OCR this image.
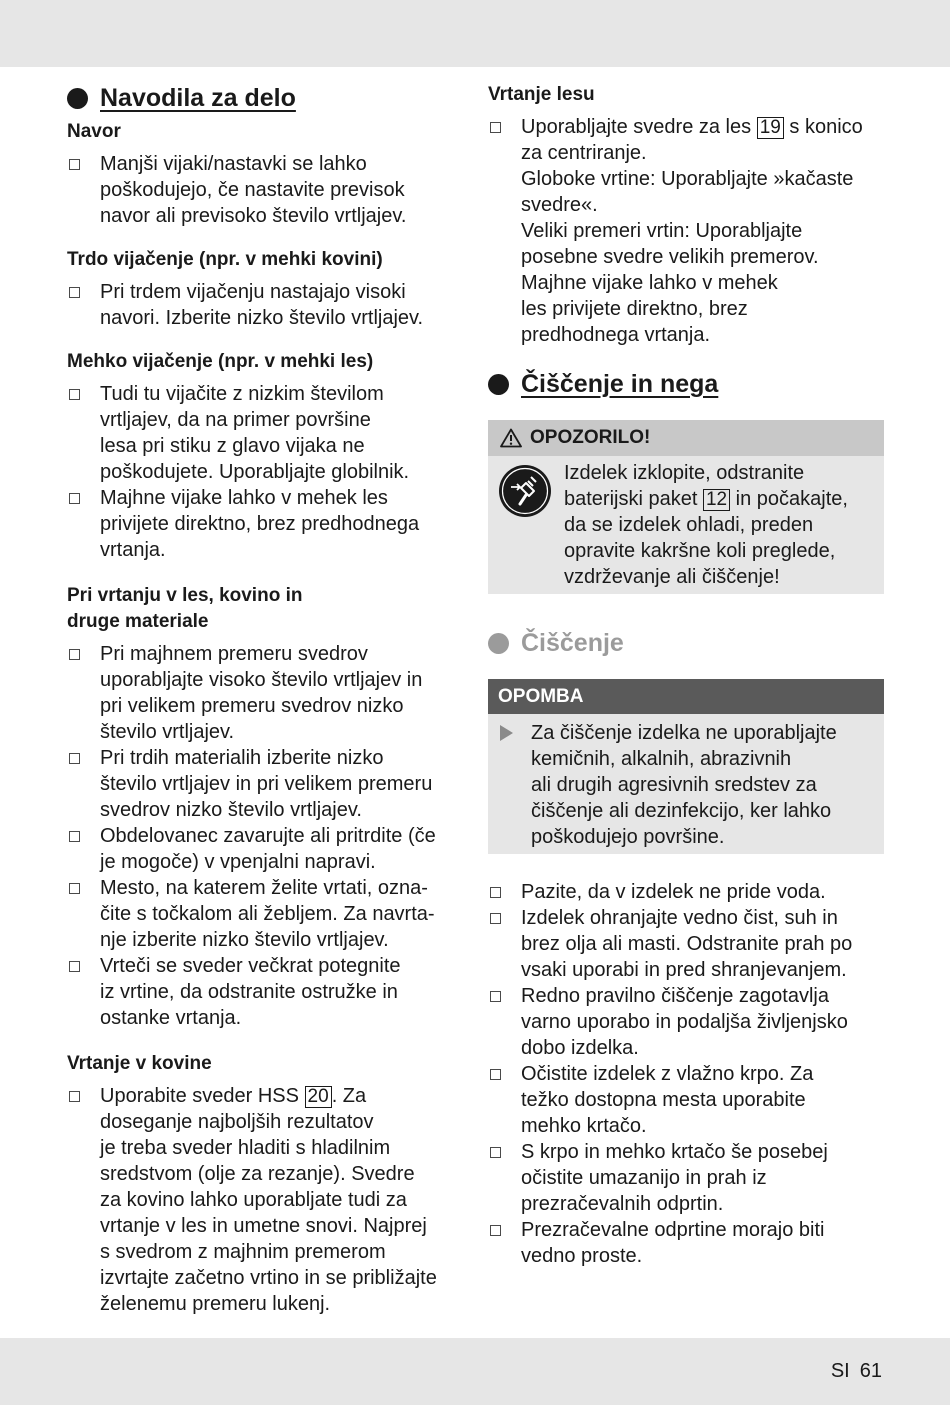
Navodila za delo
Navor
Manjši vijaki/nastavki se lahko
poškodujejo, če nastavite previsok
navor ali previsoko število vrtljajev.
Trdo vijačenje (npr. v mehki kovini)
Pri trdem vijačenju nastajajo visoki
navori. Izberite nizko število vrtljajev.
Mehko vijačenje (npr. v mehki les)
Tudi tu vijačite z nizkim številom
vrtljajev, da na primer površine
lesa pri stiku z glavo vijaka ne
poškodujete. Uporabljajte globilnik.
Majhne vijake lahko v mehek les
privijete direktno, brez predhodnega
vrtanja.
Pri vrtanju v les, kovino in
druge materiale
Pri majhnem premeru svedrov
uporabljajte visoko število vrtljajev in
pri velikem premeru svedrov nizko
število vrtljajev.
Pri trdih materialih izberite nizko
število vrtljajev in pri velikem premeru
svedrov nizko število vrtljajev.
Obdelovanec zavarujte ali pritrdite (če
je mogoče) v vpenjalni napravi.
Mesto, na katerem želite vrtati, ozna-
čite s točkalom ali žebljem. Za navrta-
nje izberite nizko število vrtljajev.
Vrteči se sveder večkrat potegnite
iz vrtine, da odstranite ostružke in
ostanke vrtanja.
Vrtanje v kovine
Uporabite sveder HSS 20 . Za
doseganje najboljših rezultatov
je treba sveder hladiti s hladilnim
sredstvom (olje za rezanje). Svedre
za kovino lahko uporabljate tudi za
vrtanje v les in umetne snovi. Najprej
s svedrom z majhnim premerom
izvrtajte začetno vrtino in se približajte
želenemu premeru lukenj.
Vrtanje lesu
Uporabljajte svedre za les 19 s konico
za centriranje.
Globoke vrtine: Uporabljajte »kačaste
svedre«.
Veliki premeri vrtin: Uporabljajte
posebne svedre velikih premerov.
Majhne vijake lahko v mehek
les privijete direktno, brez
predhodnega vrtanja.
Čiščenje in nega
OPOZORILO!
Izdelek izklopite, odstranite
baterijski paket 12 in počakajte,
da se izdelek ohladi, preden
opravite kakršne koli preglede,
vzdrževanje ali čiščenje!
Čiščenje
OPOMBA
Za čiščenje izdelka ne uporabljajte
kemičnih, alkalnih, abrazivnih
ali drugih agresivnih sredstev za
čiščenje ali dezinfekcijo, ker lahko
poškodujejo površine.
Pazite, da v izdelek ne pride voda.
Izdelek ohranjajte vedno čist, suh in
brez olja ali masti. Odstranite prah po
vsaki uporabi in pred shranjevanjem.
Redno pravilno čiščenje zagotavlja
varno uporabo in podaljša življenjsko
dobo izdelka.
Očistite izdelek z vlažno krpo. Za
težko dostopna mesta uporabite
mehko krtačo.
S krpo in mehko krtačo še posebej
očistite umazanijo in prah iz
prezračevalnih odprtin.
Prezračevalne odprtine morajo biti
vedno proste.
SI 61
